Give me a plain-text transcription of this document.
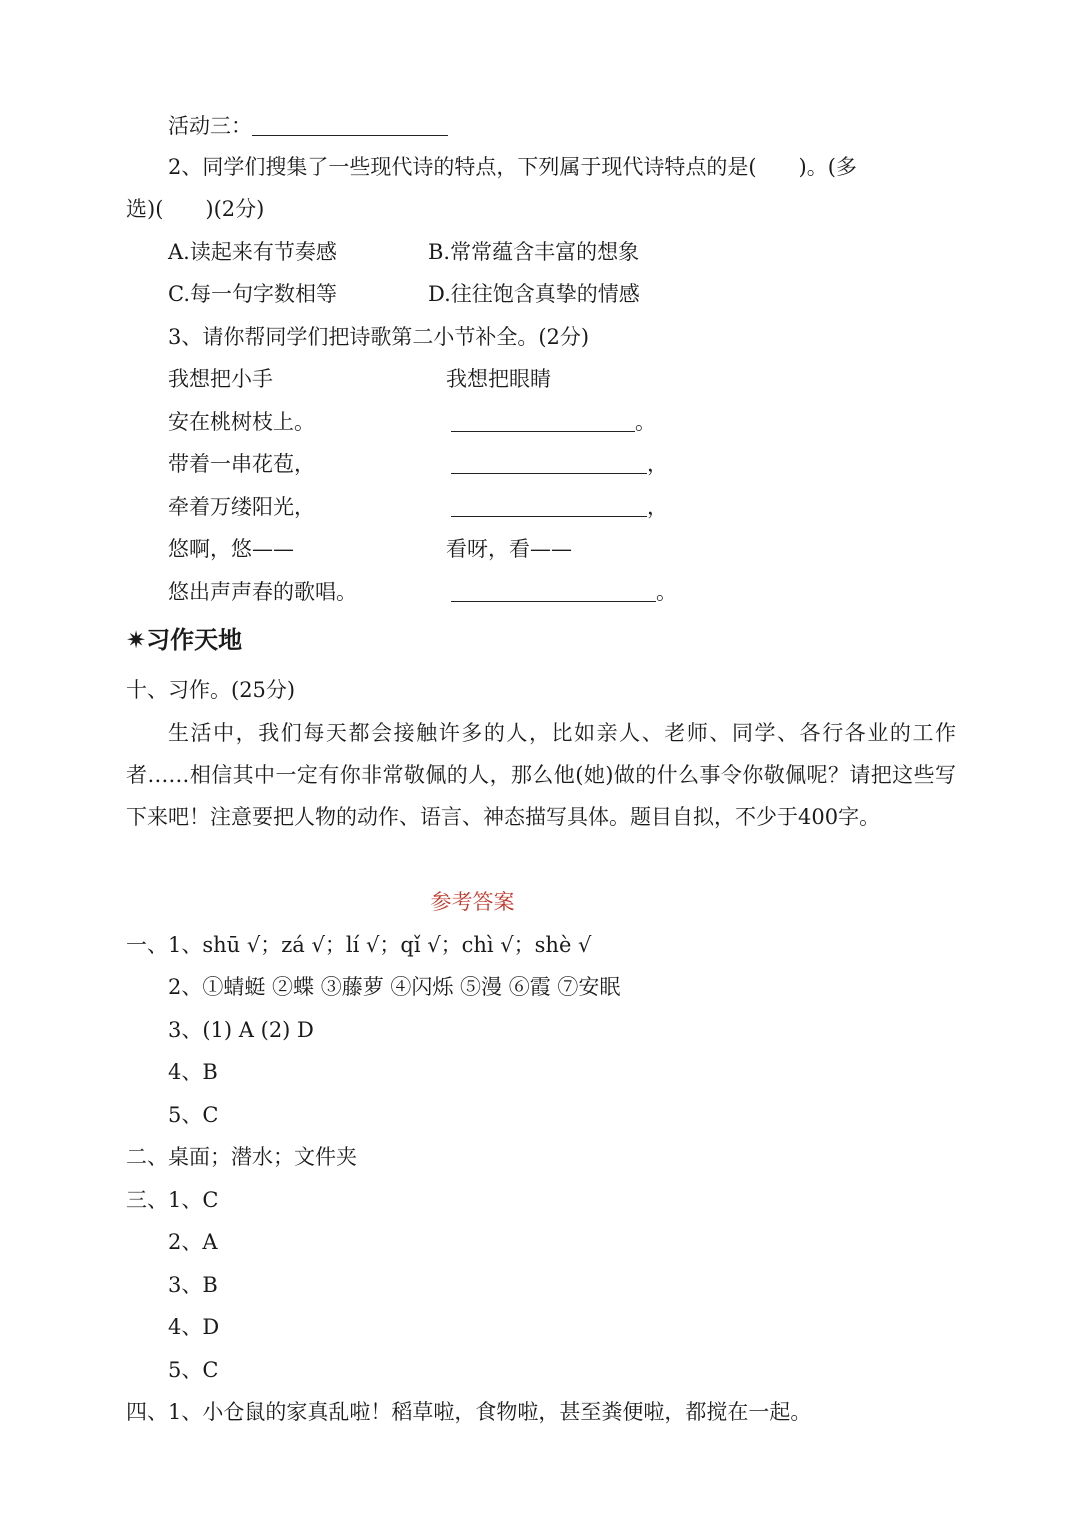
活动三：
2、同学们搜集了一些现代诗的特点，下列属于现代诗特点的是(　　)。(多
选)(　　)(2分)
A.读起来有节奏感	B.常常蕴含丰富的想象
C.每一句字数相等	D.往往饱含真挚的情感
3、请你帮同学们把诗歌第二小节补全。(2分)
我想把小手
安在桃树枝上。
带着一串花苞，
牵着万缕阳光，
悠啊，悠——
悠出声声春的歌唱。
我想把眼睛
。
，
，
看呀，看——
。
✷习作天地
十、习作。(25分)
生活中，我们每天都会接触许多的人，比如亲人、老师、同学、各行各业的工作者……相信其中一定有你非常敬佩的人，那么他(她)做的什么事令你敬佩呢？请把这些写下来吧！注意要把人物的动作、语言、神态描写具体。题目自拟，不少于400字。
参考答案
一、1、shū √；zá √；lí √；qǐ √；chì √；shè √
2、①蜻蜓 ②蝶 ③藤萝 ④闪烁 ⑤漫 ⑥霞 ⑦安眠
3、(1) A (2) D
4、B
5、C
二、桌面；潜水；文件夹
三、1、C
2、A
3、B
4、D
5、C
四、1、小仓鼠的家真乱啦！稻草啦，食物啦，甚至粪便啦，都搅在一起。
